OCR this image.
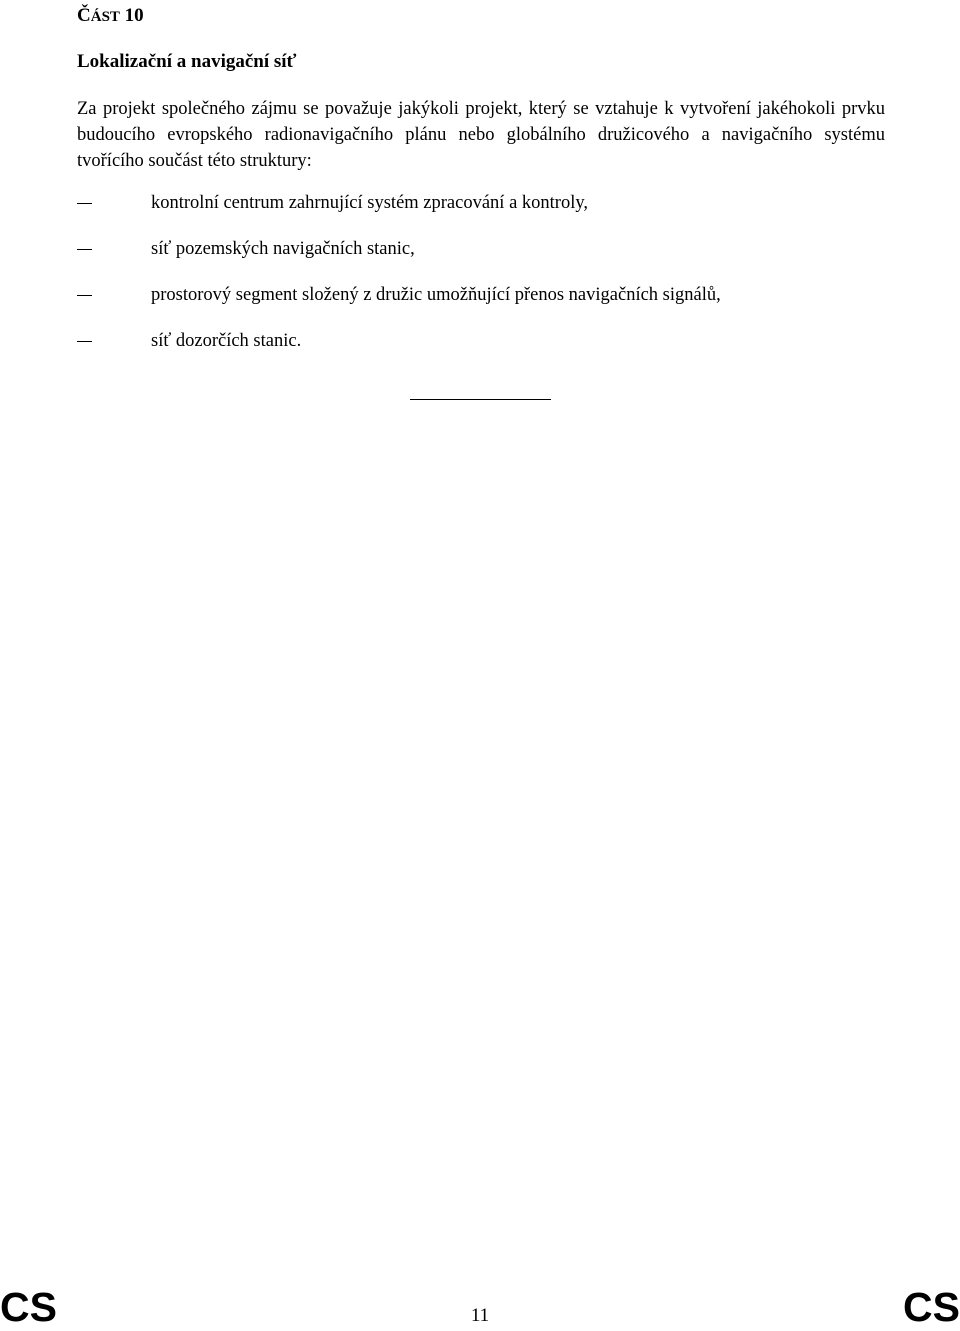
ČÁST 10
Lokalizační a navigační síť

Za projekt společného zájmu se považuje jakýkoli projekt, který se vztahuje k vytvoření jakéhokoli prvku budoucího evropského radionavigačního plánu nebo globálního družicového a navigačního systému tvořícího součást této struktury:

kontrolní centrum zahrnující systém zpracování a kontroly,
síť pozemských navigačních stanic,
prostorový segment složený z družic umožňující přenos navigačních signálů,
síť dozorčích stanic.
CS	11	CS
